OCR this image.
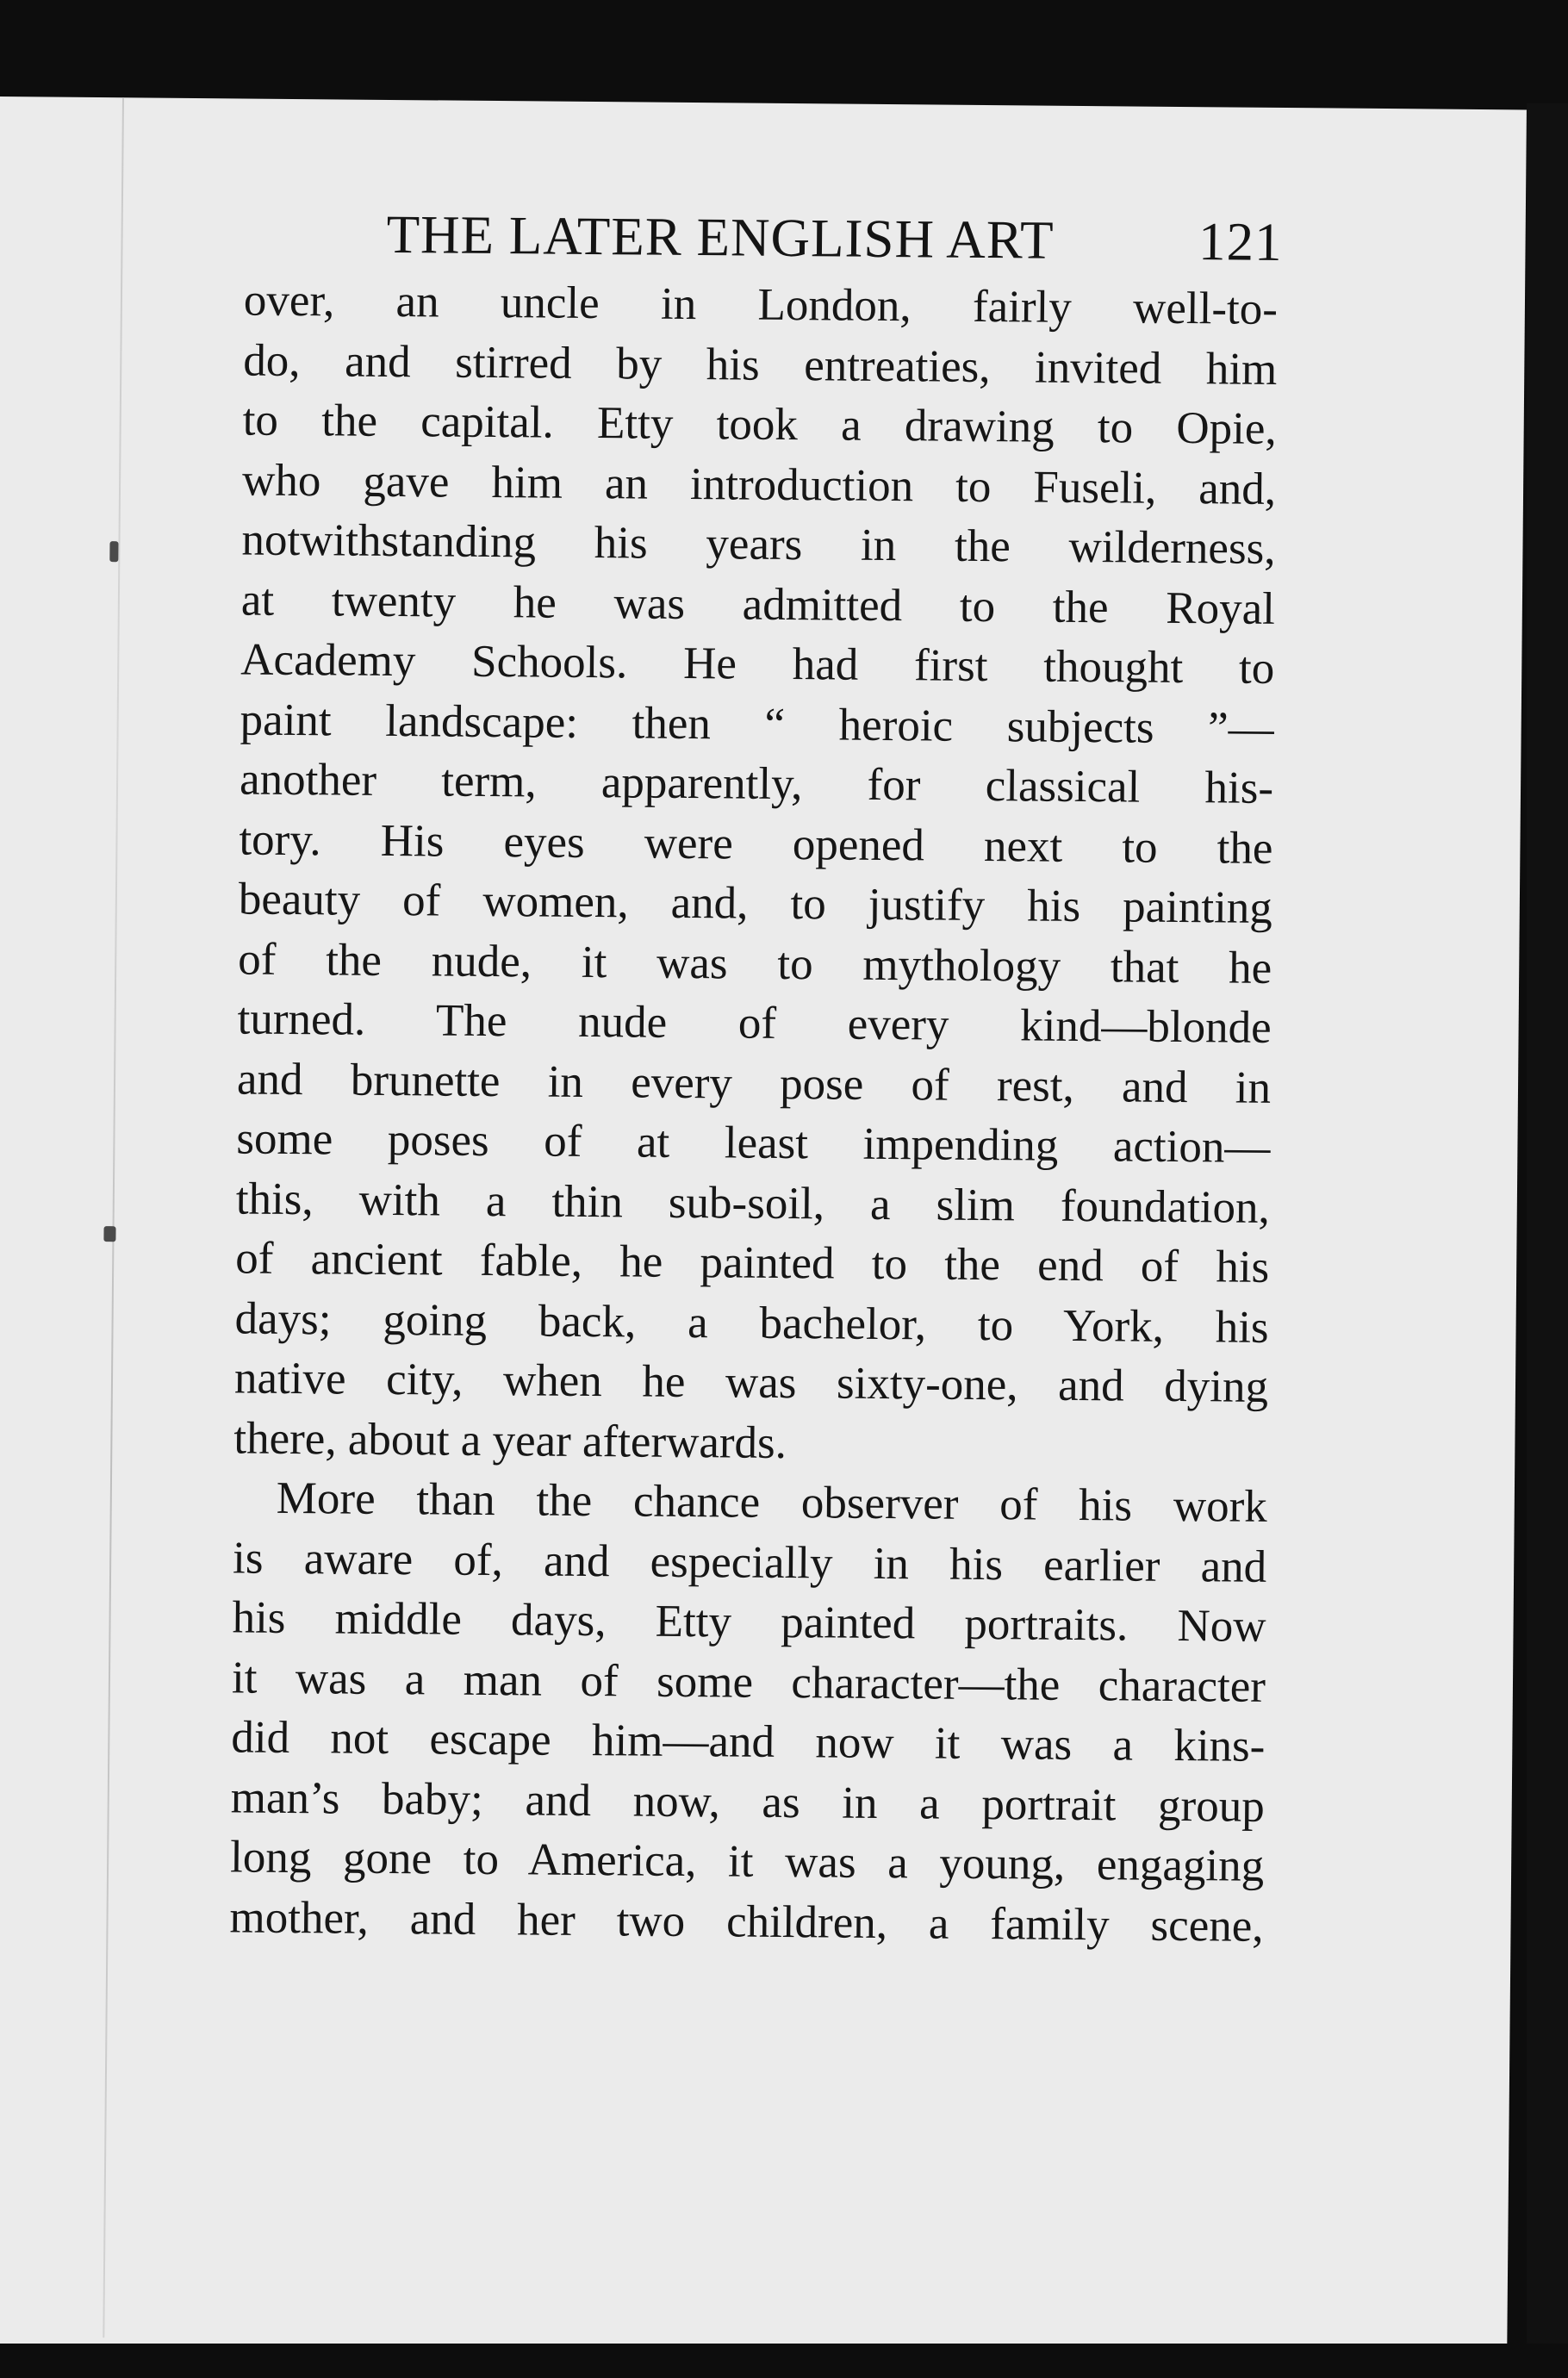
THE LATER ENGLISH ART	121
over, an uncle in London, fairly well-to-
do, and stirred by his entreaties, invited him
to the capital. Etty took a drawing to Opie,
who gave him an introduction to Fuseli, and,
notwithstanding his years in the wilderness,
at twenty he was admitted to the Royal
Academy Schools. He had first thought to
paint landscape: then “ heroic subjects ”—
another term, apparently, for classical his-
tory. His eyes were opened next to the
beauty of women, and, to justify his painting
of the nude, it was to mythology that he
turned. The nude of every kind—blonde
and brunette in every pose of rest, and in
some poses of at least impending action—
this, with a thin sub-soil, a slim foundation,
of ancient fable, he painted to the end of his
days; going back, a bachelor, to York, his
native city, when he was sixty-one, and dying
there, about a year afterwards.
More than the chance observer of his work
is aware of, and especially in his earlier and
his middle days, Etty painted portraits. Now
it was a man of some character—the character
did not escape him—and now it was a kins-
man’s baby; and now, as in a portrait group
long gone to America, it was a young, engaging
mother, and her two children, a family scene,
